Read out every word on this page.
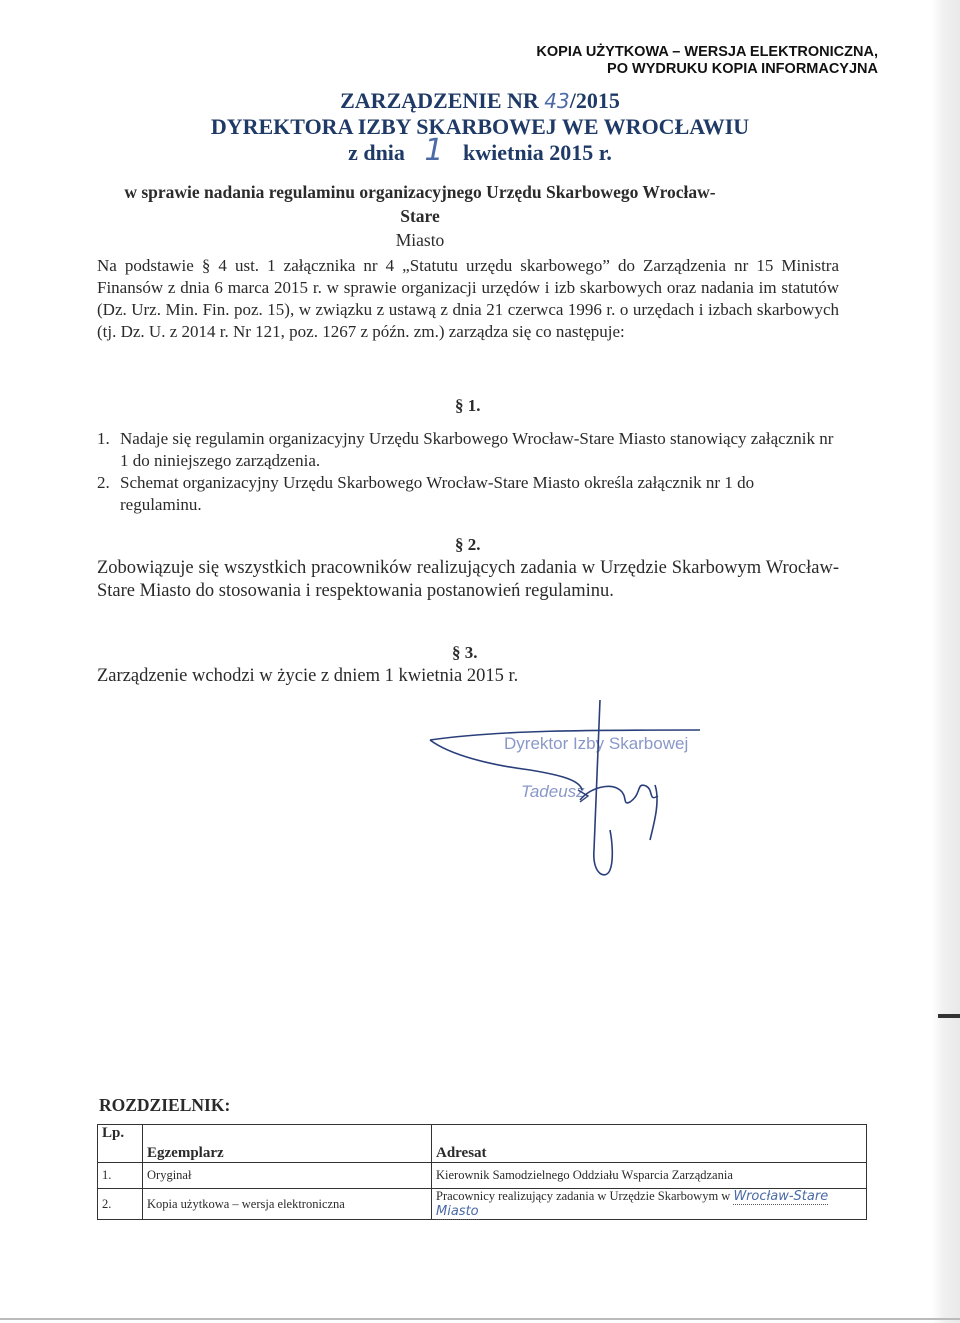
KOPIA UŻYTKOWA – WERSJA ELEKTRONICZNA,
PO WYDRUKU KOPIA INFORMACYJNA
ZARZĄDZENIE NR 43/2015
DYREKTORA IZBY SKARBOWEJ WE WROCŁAWIU
z dnia 1 kwietnia 2015 r.
w sprawie nadania regulaminu organizacyjnego Urzędu Skarbowego Wrocław-Stare
Miasto
Na podstawie § 4 ust. 1 załącznika nr 4 „Statutu urzędu skarbowego” do Zarządzenia nr 15 Ministra Finansów z dnia 6 marca 2015 r. w sprawie organizacji urzędów i izb skarbowych oraz nadania im statutów (Dz. Urz. Min. Fin. poz. 15), w związku z ustawą z dnia 21 czerwca 1996 r. o urzędach i izbach skarbowych (tj. Dz. U. z 2014 r. Nr 121, poz. 1267 z późn. zm.) zarządza się co następuje:
§ 1.
1. Nadaje się regulamin organizacyjny Urzędu Skarbowego Wrocław-Stare Miasto stanowiący załącznik nr 1 do niniejszego zarządzenia.
2. Schemat organizacyjny Urzędu Skarbowego Wrocław-Stare Miasto określa załącznik nr 1 do regulaminu.
§ 2.
Zobowiązuje się wszystkich pracowników realizujących zadania w Urzędzie Skarbowym Wrocław-Stare Miasto do stosowania i respektowania postanowień regulaminu.
§ 3.
Zarządzenie wchodzi w życie z dniem 1 kwietnia 2015 r.
Dyrektor Izby Skarbowej
Tadeusz
ROZDZIELNIK:
Lp.	Egzemplarz	Adresat
1.	Oryginał	Kierownik Samodzielnego Oddziału Wsparcia Zarządzania
2.	Kopia użytkowa – wersja elektroniczna	Pracownicy realizujący zadania w Urzędzie Skarbowym w Wrocław-Stare Miasto
